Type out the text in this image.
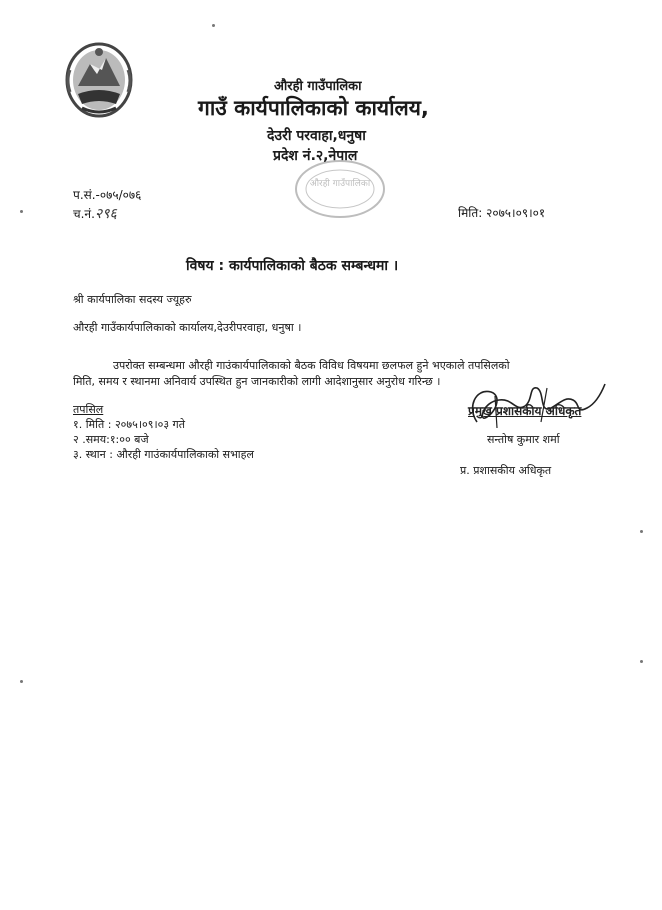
औरही गाउँपालिका
गाउँ कार्यपालिकाको कार्यालय,
देउरी परवाहा,धनुषा
प्रदेश नं.२,नेपाल
औरही गाउँपालिका
प.सं.-०७५/०७६
च.नं.२९६	मिति: २०७५।०९।०१
विषय : कार्यपालिकाको बैठक सम्बन्धमा ।
श्री कार्यपालिका सदस्य ज्यूहरु
औरही गाउँकार्यपालिकाको कार्यालय,देउरीपरवाहा, धनुषा ।
उपरोक्त सम्बन्धमा औरही गाउंकार्यपालिकाको बैठक विविध विषयमा छलफल हुने भएकाले तपसिलको
मिति, समय र स्थानमा अनिवार्य उपस्थित हुन जानकारीको लागी आदेशानुसार अनुरोध गरिन्छ ।
तपसिल
१. मिति : २०७५।०९।०३ गते
२ .समय:१:०० बजे
३. स्थान : औरही गाउंकार्यपालिकाको सभाहल
प्रमुख प्रशासकीय अधिकृत
सन्तोष कुमार शर्मा
प्र. प्रशासकीय अधिकृत
